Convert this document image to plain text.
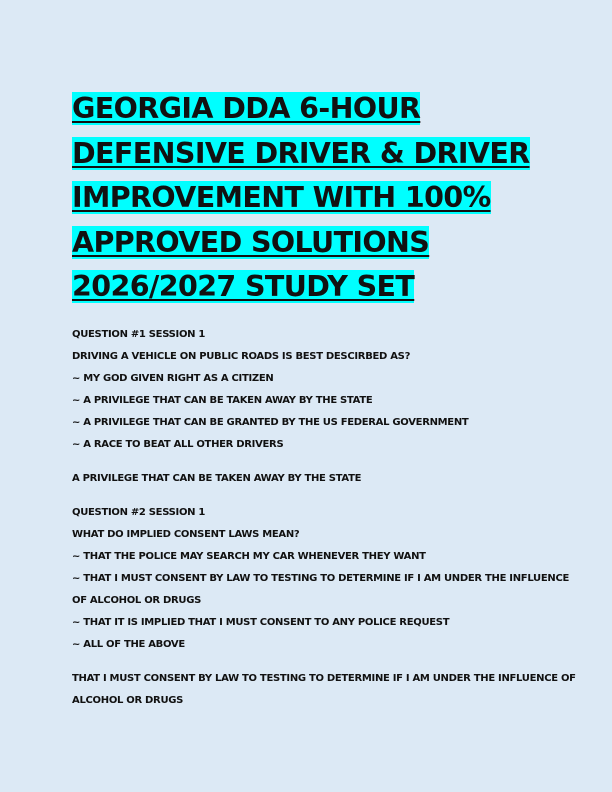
GEORGIA DDA 6-HOUR
DEFENSIVE DRIVER & DRIVER
IMPROVEMENT WITH 100%
APPROVED SOLUTIONS
2026/2027 STUDY SET
QUESTION #1 SESSION 1
DRIVING A VEHICLE ON PUBLIC ROADS IS BEST DESCIRBED AS?
~ MY GOD GIVEN RIGHT AS A CITIZEN
~ A PRIVILEGE THAT CAN BE TAKEN AWAY BY THE STATE
~ A PRIVILEGE THAT CAN BE GRANTED BY THE US FEDERAL GOVERNMENT
~ A RACE TO BEAT ALL OTHER DRIVERS
A PRIVILEGE THAT CAN BE TAKEN AWAY BY THE STATE
QUESTION #2 SESSION 1
WHAT DO IMPLIED CONSENT LAWS MEAN?
~ THAT THE POLICE MAY SEARCH MY CAR WHENEVER THEY WANT
~ THAT I MUST CONSENT BY LAW TO TESTING TO DETERMINE IF I AM UNDER THE INFLUENCE
OF ALCOHOL OR DRUGS
~ THAT IT IS IMPLIED THAT I MUST CONSENT TO ANY POLICE REQUEST
~ ALL OF THE ABOVE
THAT I MUST CONSENT BY LAW TO TESTING TO DETERMINE IF I AM UNDER THE INFLUENCE OF
ALCOHOL OR DRUGS
